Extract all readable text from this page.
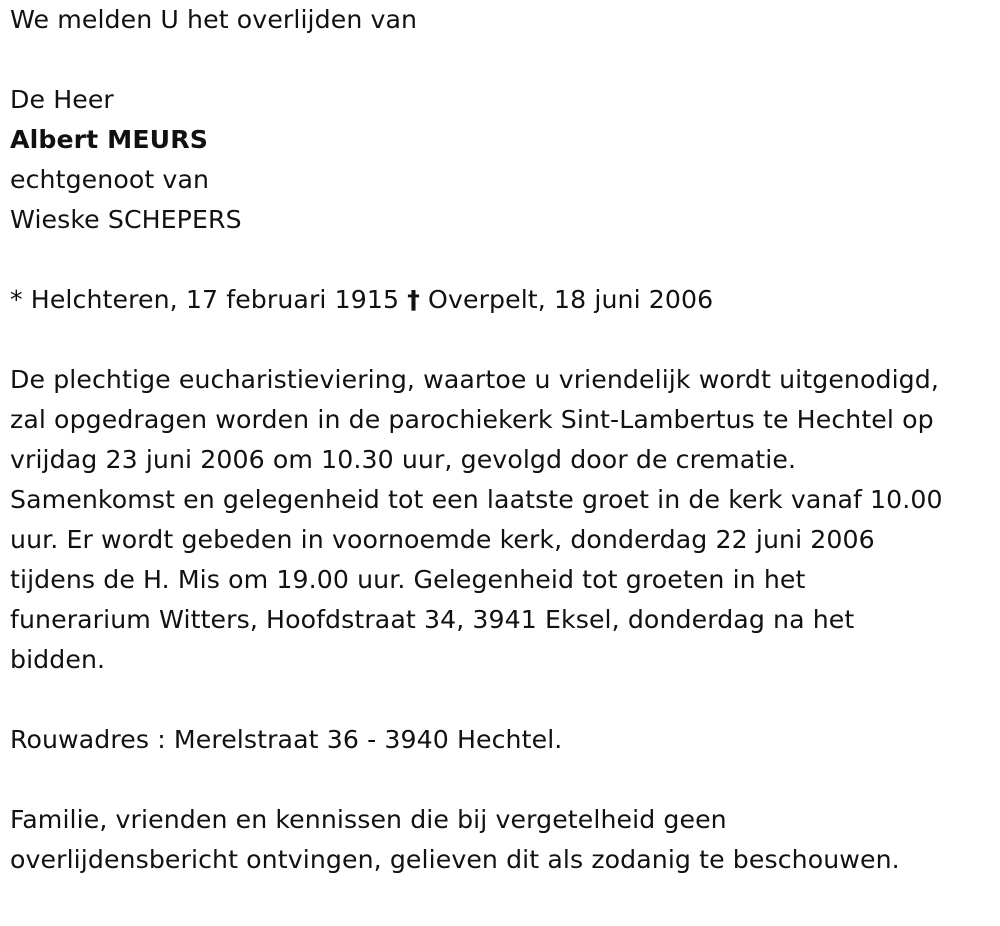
We melden U het overlijden van
De Heer
Albert MEURS
echtgenoot van
Wieske SCHEPERS
* Helchteren, 17 februari 1915 † Overpelt, 18 juni 2006
De plechtige eucharistieviering, waartoe u vriendelijk wordt uitgenodigd,
zal opgedragen worden in de parochiekerk Sint-Lambertus te Hechtel op
vrijdag 23 juni 2006 om 10.30 uur, gevolgd door de crematie.
Samenkomst en gelegenheid tot een laatste groet in de kerk vanaf 10.00
uur. Er wordt gebeden in voornoemde kerk, donderdag 22 juni 2006
tijdens de H. Mis om 19.00 uur. Gelegenheid tot groeten in het
funerarium Witters, Hoofdstraat 34, 3941 Eksel, donderdag na het
bidden.
Rouwadres : Merelstraat 36 - 3940 Hechtel.
Familie, vrienden en kennissen die bij vergetelheid geen
overlijdensbericht ontvingen, gelieven dit als zodanig te beschouwen.
